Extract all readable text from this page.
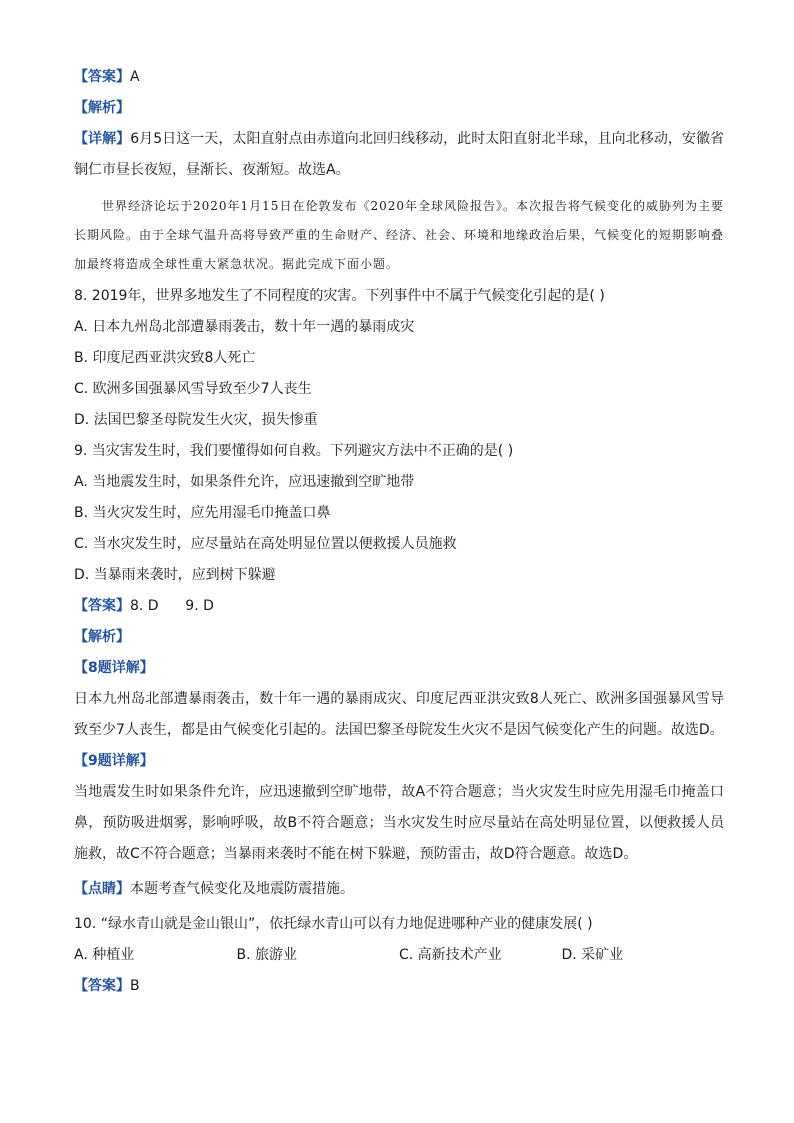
【答案】A
【解析】

【详解】6月5日这一天，太阳直射点由赤道向北回归线移动，此时太阳直射北半球，且向北移动，安徽省铜仁市昼长夜短，昼渐长、夜渐短。故选A。

世界经济论坛于2020年1月15日在伦敦发布《2020年全球风险报告》。本次报告将气候变化的威胁列为主要长期风险。由于全球气温升高将导致严重的生命财产、经济、社会、环境和地缘政治后果，气候变化的短期影响叠加最终将造成全球性重大紧急状况。据此完成下面小题。

8. 2019年，世界多地发生了不同程度的灾害。下列事件中不属于气候变化引起的是( )
A. 日本九州岛北部遭暴雨袭击，数十年一遇的暴雨成灾
B. 印度尼西亚洪灾致8人死亡
C. 欧洲多国强暴风雪导致至少7人丧生
D. 法国巴黎圣母院发生火灾，损失惨重
9. 当灾害发生时，我们要懂得如何自救。下列避灾方法中不正确的是( )
A. 当地震发生时，如果条件允许，应迅速撤到空旷地带
B. 当火灾发生时，应先用湿毛巾掩盖口鼻
C. 当水灾发生时，应尽量站在高处明显位置以便救援人员施救
D. 当暴雨来袭时，应到树下躲避
【答案】8. D      9. D
【解析】
【8题详解】

日本九州岛北部遭暴雨袭击，数十年一遇的暴雨成灾、印度尼西亚洪灾致8人死亡、欧洲多国强暴风雪导致至少7人丧生，都是由气候变化引起的。法国巴黎圣母院发生火灾不是因气候变化产生的问题。故选D。

【9题详解】

当地震发生时如果条件允许，应迅速撤到空旷地带，故A不符合题意；当火灾发生时应先用湿毛巾掩盖口鼻，预防吸进烟雾，影响呼吸，故B不符合题意；当水灾发生时应尽量站在高处明显位置，以便救援人员施救，故C不符合题意；当暴雨来袭时不能在树下躲避，预防雷击，故D符合题意。故选D。

【点睛】本题考查气候变化及地震防震措施。
10. “绿水青山就是金山银山”，依托绿水青山可以有力地促进哪种产业的健康发展( )
A. 种植业	B. 旅游业	C. 高新技术产业	D. 采矿业
【答案】B
